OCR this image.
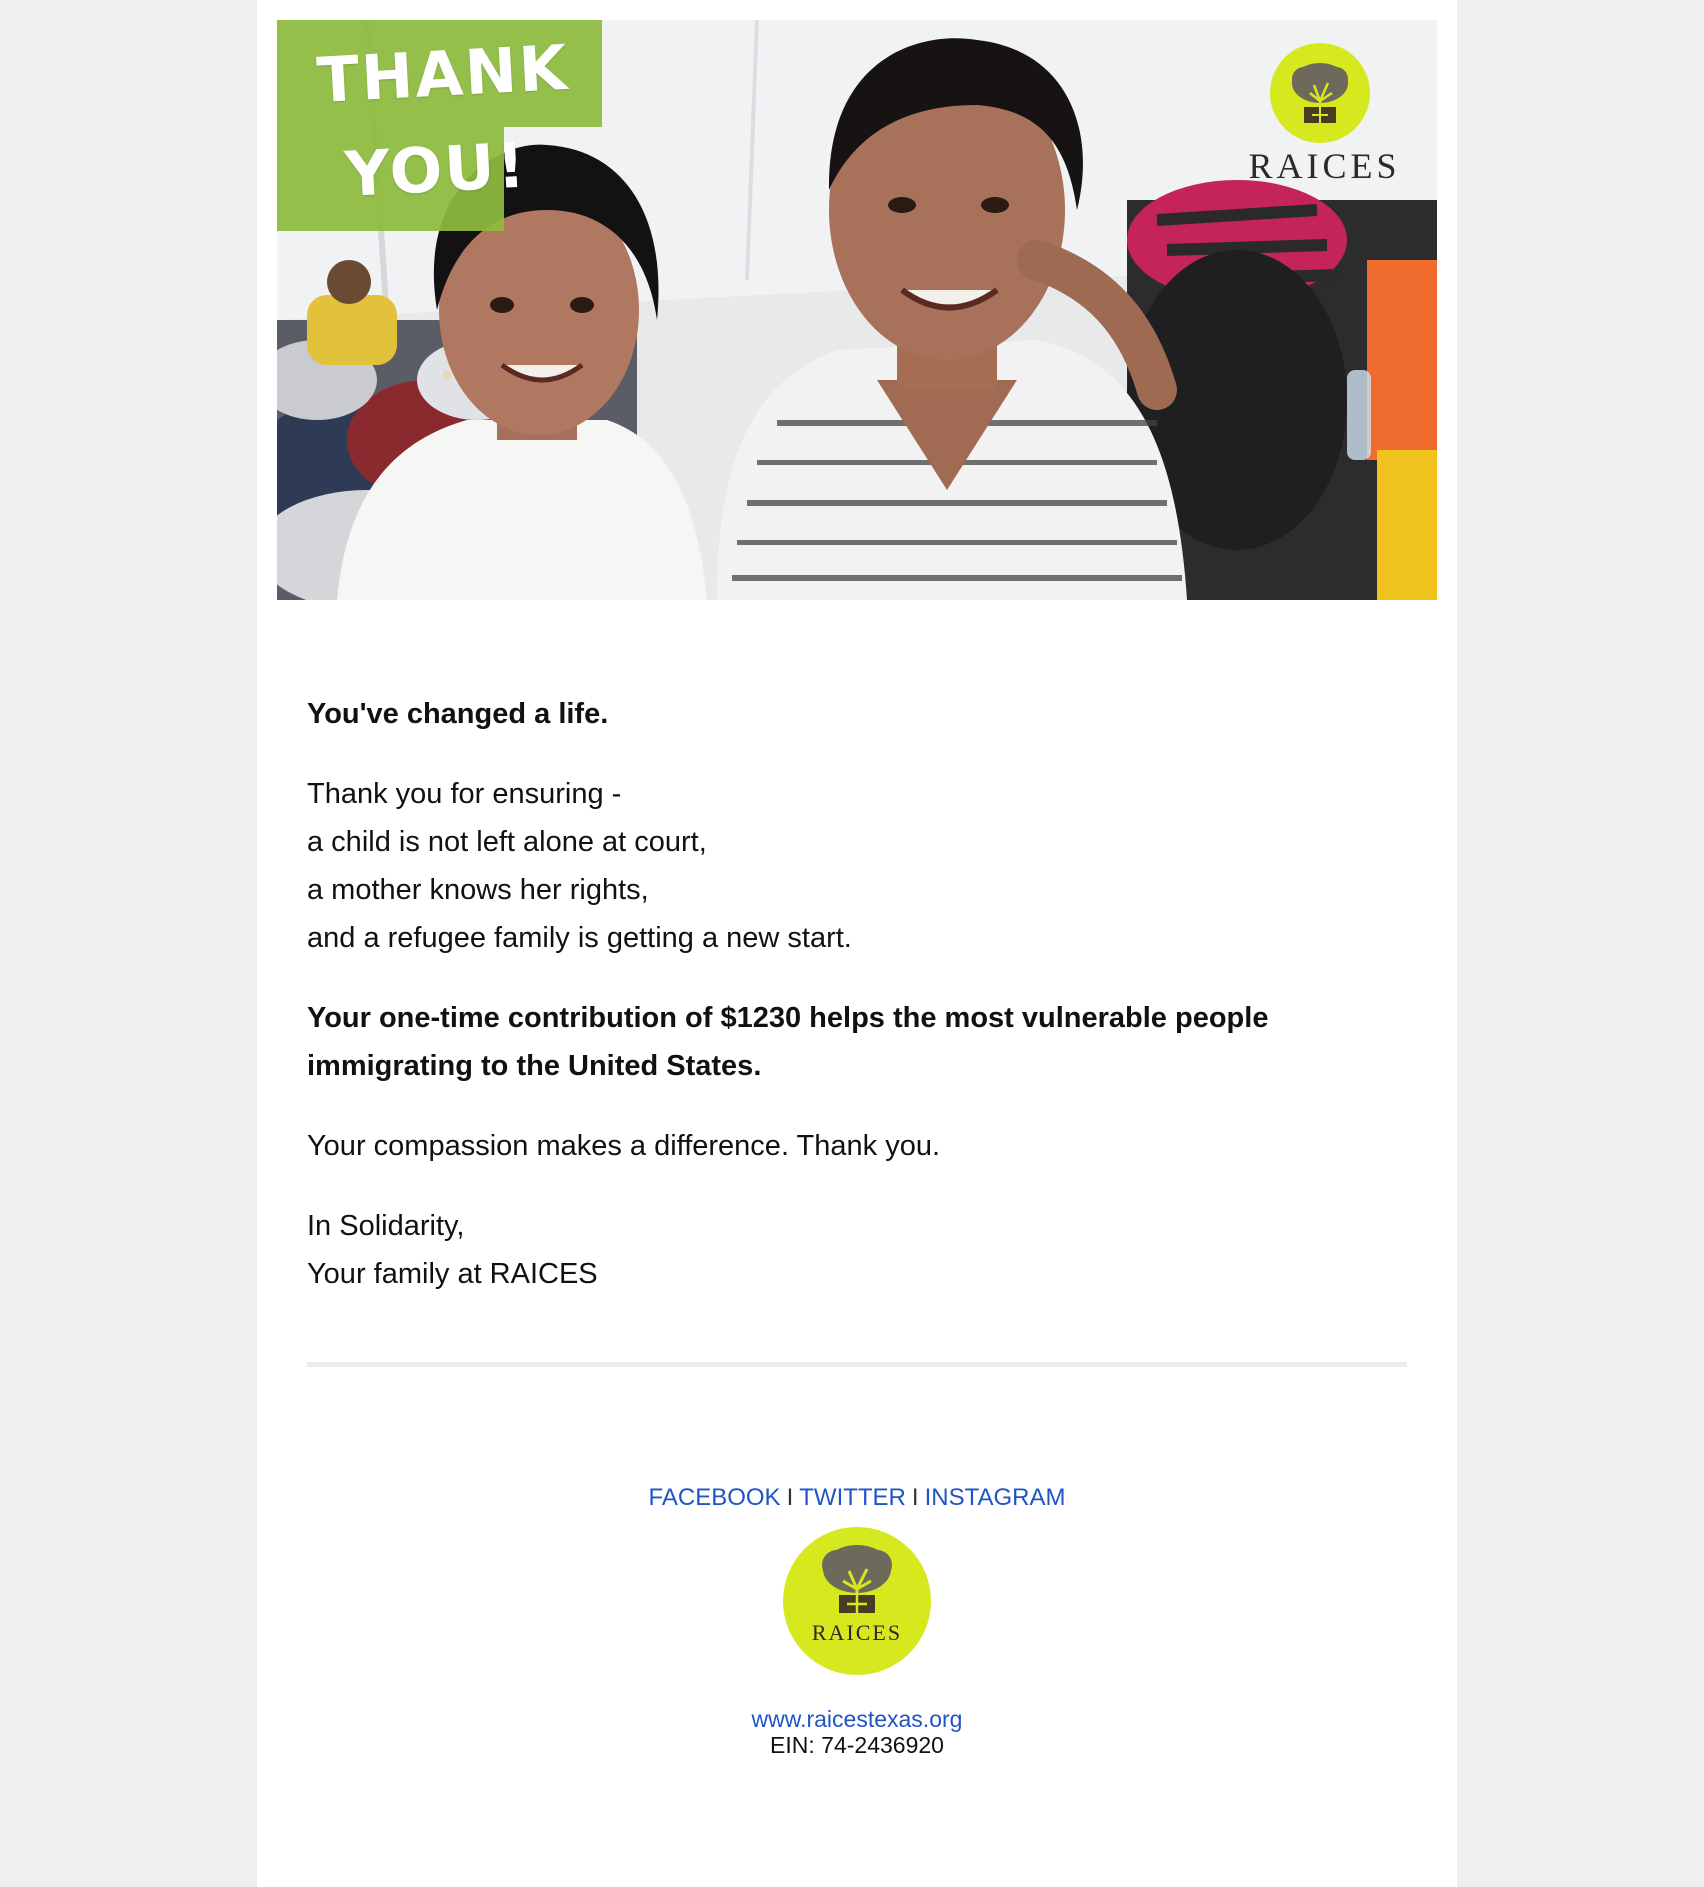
THANK
YOU!	RAICES

You've changed a life.

Thank you for ensuring -
a child is not left alone at court,
a mother knows her rights,
and a refugee family is getting a new start.

Your one-time contribution of $1230 helps the most vulnerable people immigrating to the United States.

Your compassion makes a difference. Thank you.

In Solidarity,
Your family at RAICES

FACEBOOK I TWITTER I INSTAGRAM
RAICES
www.raicestexas.org
EIN: 74-2436920
